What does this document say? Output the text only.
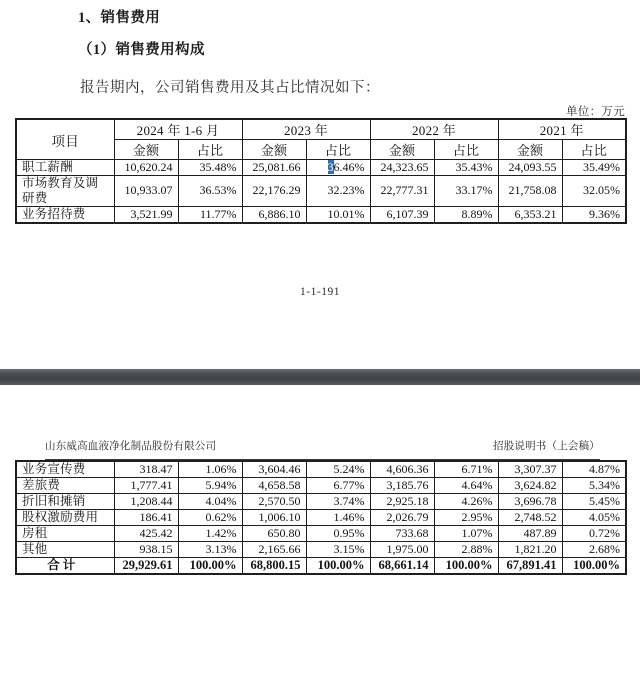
1、销售费用
（1）销售费用构成
报告期内，公司销售费用及其占比情况如下：
单位：万元
项目	2024 年 1-6 月		2023 年		2022 年		2021 年	
	金额	占比	金额	占比	金额	占比	金额	占比
职工薪酬	10,620.24	35.48%	25,081.66	36.46%	24,323.65	35.43%	24,093.55	35.49%
市场教育及调研费	10,933.07	36.53%	22,176.29	32.23%	22,777.31	33.17%	21,758.08	32.05%
业务招待费	3,521.99	11.77%	6,886.10	10.01%	6,107.39	8.89%	6,353.21	9.36%
1-1-191
山东威高血液净化制品股份有限公司	招股说明书（上会稿）
业务宣传费	318.47	1.06%	3,604.46	5.24%	4,606.36	6.71%	3,307.37	4.87%
差旅费	1,777.41	5.94%	4,658.58	6.77%	3,185.76	4.64%	3,624.82	5.34%
折旧和摊销	1,208.44	4.04%	2,570.50	3.74%	2,925.18	4.26%	3,696.78	5.45%
股权激励费用	186.41	0.62%	1,006.10	1.46%	2,026.79	2.95%	2,748.52	4.05%
房租	425.42	1.42%	650.80	0.95%	733.68	1.07%	487.89	0.72%
其他	938.15	3.13%	2,165.66	3.15%	1,975.00	2.88%	1,821.20	2.68%
合计	29,929.61	100.00%	68,800.15	100.00%	68,661.14	100.00%	67,891.41	100.00%
